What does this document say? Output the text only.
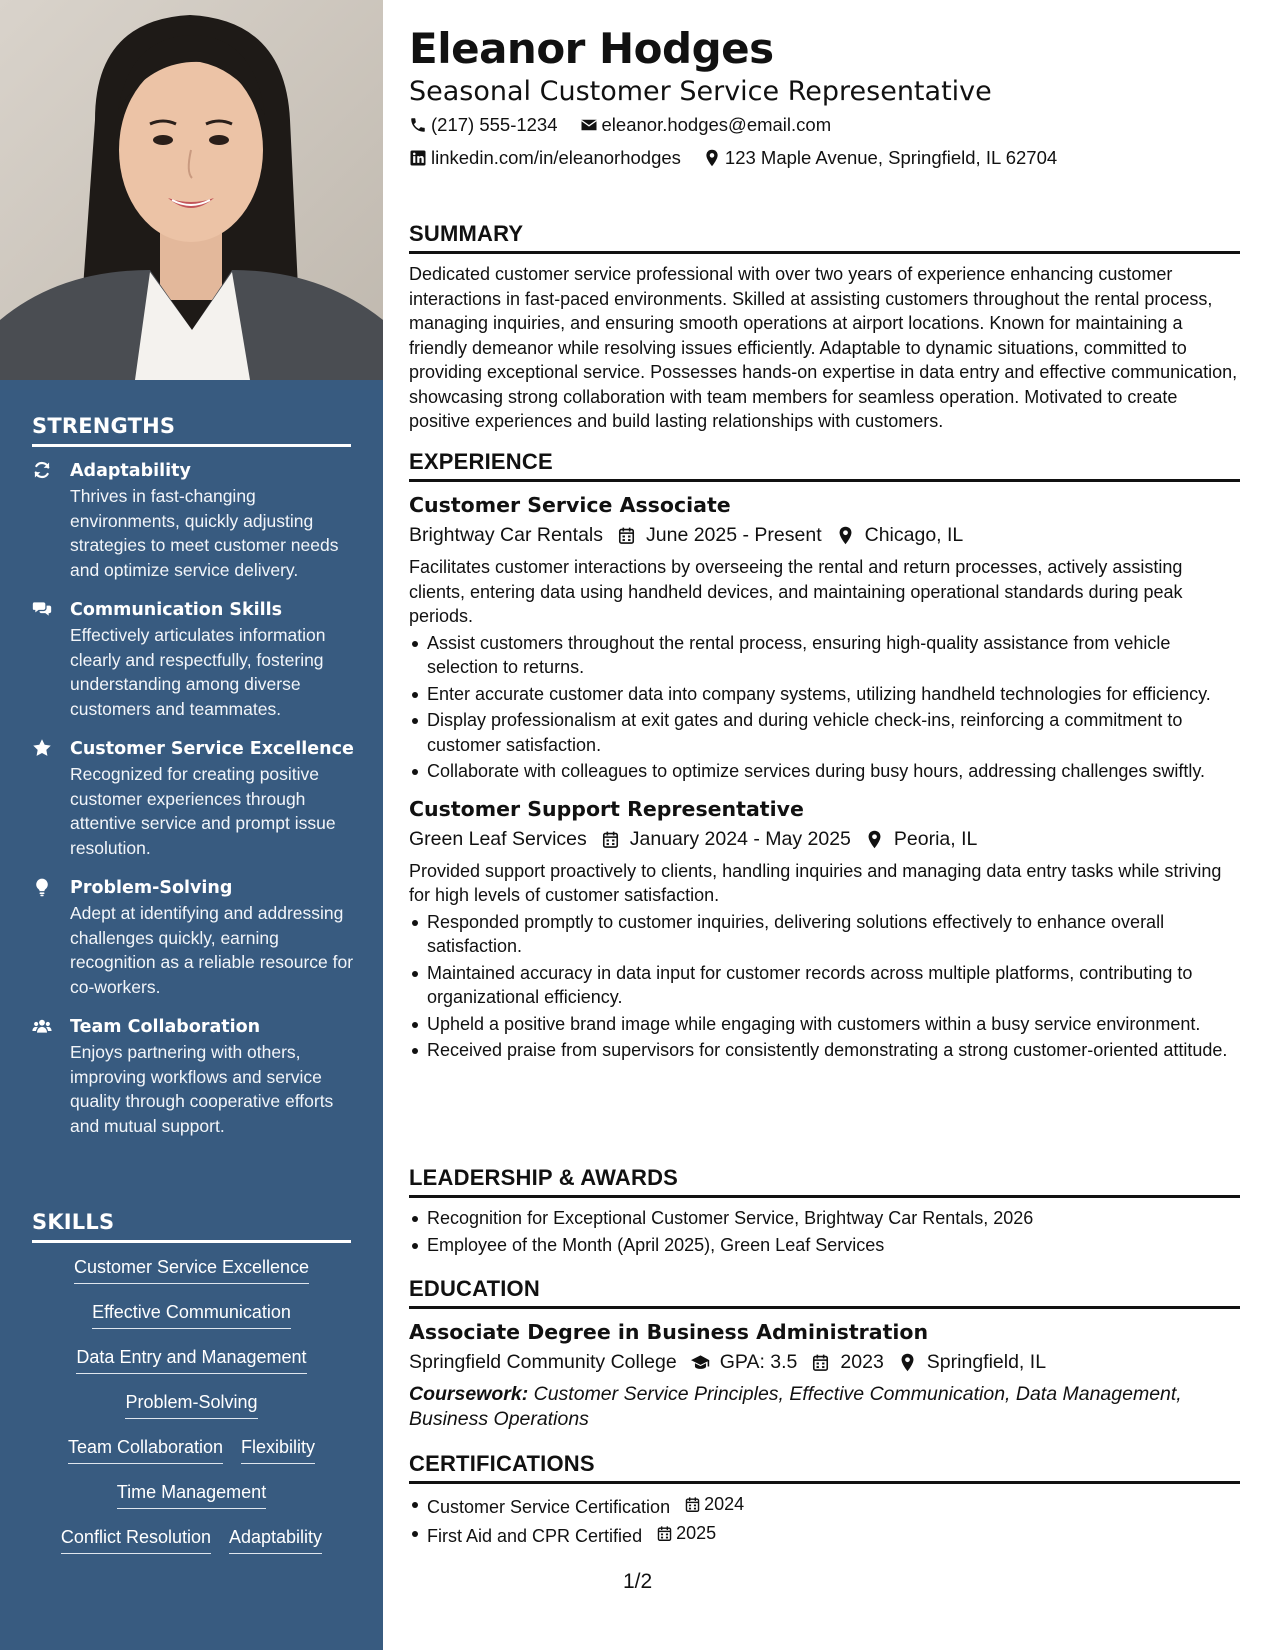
STRENGTHS
Adaptability
Thrives in fast-changing environments, quickly adjusting strategies to meet customer needs and optimize service delivery.
Communication Skills
Effectively articulates information clearly and respectfully, fostering understanding among diverse customers and teammates.
Customer Service Excellence
Recognized for creating positive customer experiences through attentive service and prompt issue resolution.
Problem-Solving
Adept at identifying and addressing challenges quickly, earning recognition as a reliable resource for co-workers.
Team Collaboration
Enjoys partnering with others, improving workflows and service quality through cooperative efforts and mutual support.
SKILLS
Customer Service Excellence
Effective Communication
Data Entry and Management
Problem-Solving
Team Collaboration Flexibility
Time Management
Conflict Resolution Adaptability
Eleanor Hodges
Seasonal Customer Service Representative
(217) 555-1234 eleanor.hodges@email.com
linkedin.com/in/eleanorhodges 123 Maple Avenue, Springfield, IL 62704
SUMMARY
Dedicated customer service professional with over two years of experience enhancing customer interactions in fast-paced environments. Skilled at assisting customers throughout the rental process, managing inquiries, and ensuring smooth operations at airport locations. Known for maintaining a friendly demeanor while resolving issues efficiently. Adaptable to dynamic situations, committed to providing exceptional service. Possesses hands-on expertise in data entry and effective communication, showcasing strong collaboration with team members for seamless operation. Motivated to create positive experiences and build lasting relationships with customers.
EXPERIENCE
Customer Service Associate
Brightway Car Rentals June 2025 - Present Chicago, IL
Facilitates customer interactions by overseeing the rental and return processes, actively assisting clients, entering data using handheld devices, and maintaining operational standards during peak periods.
Assist customers throughout the rental process, ensuring high-quality assistance from vehicle selection to returns.
Enter accurate customer data into company systems, utilizing handheld technologies for efficiency.
Display professionalism at exit gates and during vehicle check-ins, reinforcing a commitment to customer satisfaction.
Collaborate with colleagues to optimize services during busy hours, addressing challenges swiftly.
Customer Support Representative
Green Leaf Services January 2024 - May 2025 Peoria, IL
Provided support proactively to clients, handling inquiries and managing data entry tasks while striving for high levels of customer satisfaction.
Responded promptly to customer inquiries, delivering solutions effectively to enhance overall satisfaction.
Maintained accuracy in data input for customer records across multiple platforms, contributing to organizational efficiency.
Upheld a positive brand image while engaging with customers within a busy service environment.
Received praise from supervisors for consistently demonstrating a strong customer-oriented attitude.
LEADERSHIP & AWARDS
Recognition for Exceptional Customer Service, Brightway Car Rentals, 2026
Employee of the Month (April 2025), Green Leaf Services
EDUCATION
Associate Degree in Business Administration
Springfield Community College GPA: 3.5 2023 Springfield, IL
Coursework: Customer Service Principles, Effective Communication, Data Management, Business Operations
CERTIFICATIONS
Customer Service Certification 2024
First Aid and CPR Certified 2025
1/2
